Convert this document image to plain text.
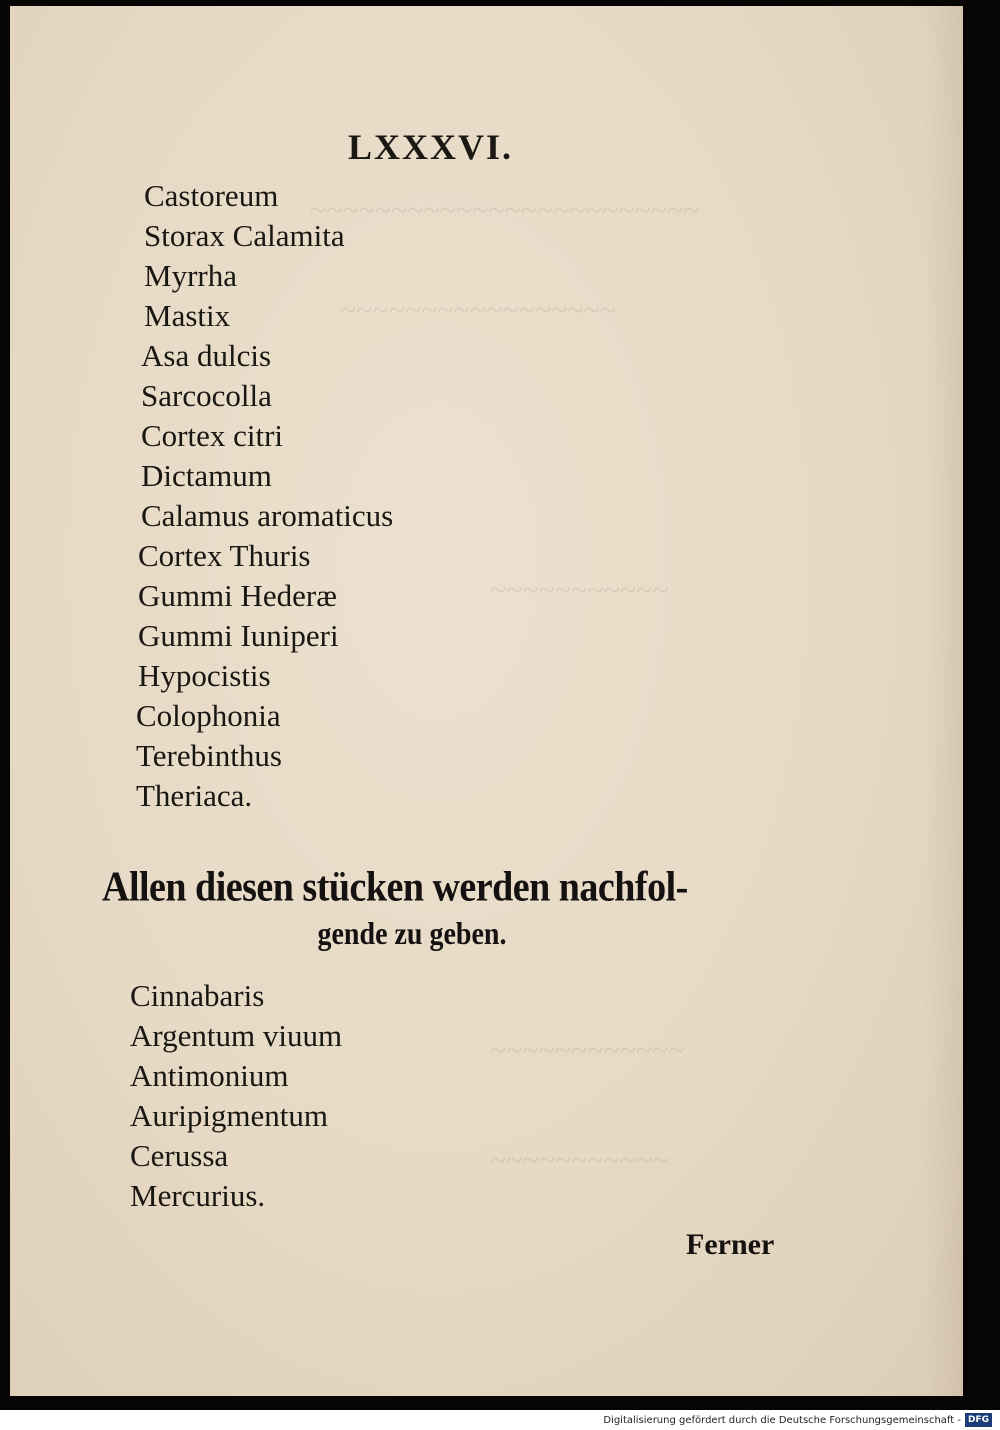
~~~~~~~~~~~~~~~~~~~~~~~~
~~~~~~~~~~~~~~~~~
~~~~~~~~~~~
~~~~~~~~~~~~
~~~~~~~~~~~
LXXXVI.
Castoreum
Storax Calamita
Myrrha
Mastix
Asa dulcis
Sarcocolla
Cortex citri
Dictamum
Calamus aromaticus
Cortex Thuris
Gummi Hederæ
Gummi Iuniperi
Hypocistis
Colophonia
Terebinthus
Theriaca.
Allen diesen stücken werden nachfol-
gende zu geben.
Cinnabaris
Argentum viuum
Antimonium
Auripigmentum
Cerussa
Mercurius.
Ferner
Digitalisierung gefördert durch die Deutsche Forschungsgemeinschaft - DFG
